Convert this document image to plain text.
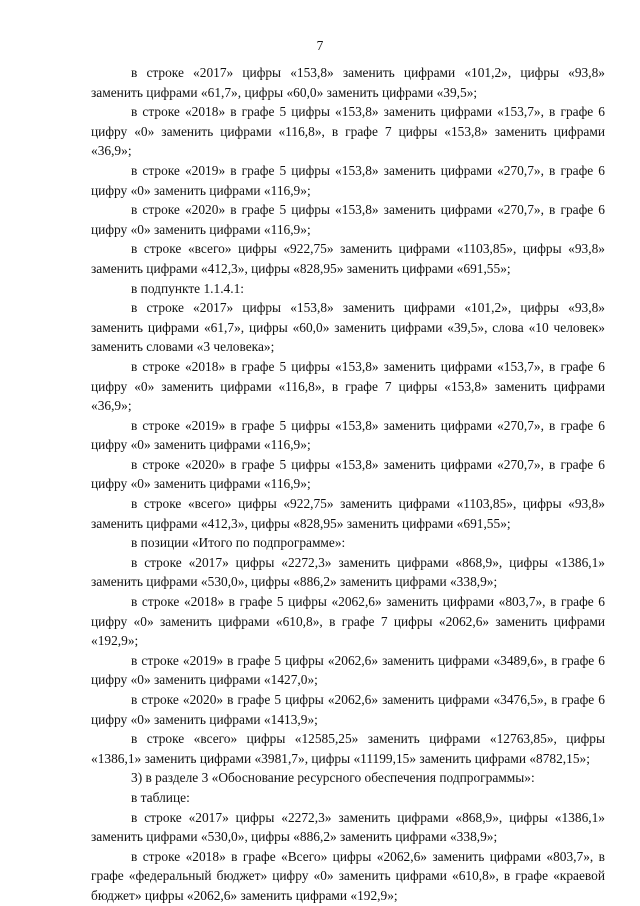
7

в строке «2017» цифры «153,8» заменить цифрами «101,2», цифры «93,8» заменить цифрами «61,7», цифры «60,0» заменить цифрами «39,5»;

в строке «2018» в графе 5 цифры «153,8» заменить цифрами «153,7», в графе 6 цифру «0» заменить цифрами «116,8», в графе 7 цифры «153,8» заменить цифрами «36,9»;

в строке «2019» в графе 5 цифры «153,8» заменить цифрами «270,7», в графе 6 цифру «0» заменить цифрами «116,9»;

в строке «2020» в графе 5 цифры «153,8» заменить цифрами «270,7», в графе 6 цифру «0» заменить цифрами «116,9»;

в строке «всего» цифры «922,75» заменить цифрами «1103,85», цифры «93,8» заменить цифрами «412,3», цифры «828,95» заменить цифрами «691,55»;

в подпункте 1.1.4.1:

в строке «2017» цифры «153,8» заменить цифрами «101,2», цифры «93,8» заменить цифрами «61,7», цифры «60,0» заменить цифрами «39,5», слова «10 человек» заменить словами «3 человека»;

в строке «2018» в графе 5 цифры «153,8» заменить цифрами «153,7», в графе 6 цифру «0» заменить цифрами «116,8», в графе 7 цифры «153,8» заменить цифрами «36,9»;

в строке «2019» в графе 5 цифры «153,8» заменить цифрами «270,7», в графе 6 цифру «0» заменить цифрами «116,9»;

в строке «2020» в графе 5 цифры «153,8» заменить цифрами «270,7», в графе 6 цифру «0» заменить цифрами «116,9»;

в строке «всего» цифры «922,75» заменить цифрами «1103,85», цифры «93,8» заменить цифрами «412,3», цифры «828,95» заменить цифрами «691,55»;

в позиции «Итого по подпрограмме»:

в строке «2017» цифры «2272,3» заменить цифрами «868,9», цифры «1386,1» заменить цифрами «530,0», цифры «886,2» заменить цифрами «338,9»;

в строке «2018» в графе 5 цифры «2062,6» заменить цифрами «803,7», в графе 6 цифру «0» заменить цифрами «610,8», в графе 7 цифры «2062,6» заменить цифрами «192,9»;

в строке «2019» в графе 5 цифры «2062,6» заменить цифрами «3489,6», в графе 6 цифру «0» заменить цифрами «1427,0»;

в строке «2020» в графе 5 цифры «2062,6» заменить цифрами «3476,5», в графе 6 цифру «0» заменить цифрами «1413,9»;

в строке «всего» цифры «12585,25» заменить цифрами «12763,85», цифры «1386,1» заменить цифрами «3981,7», цифры «11199,15» заменить цифрами «8782,15»;

3) в разделе 3 «Обоснование ресурсного обеспечения подпрограммы»:

в таблице:

в строке «2017» цифры «2272,3» заменить цифрами «868,9», цифры «1386,1» заменить цифрами «530,0», цифры «886,2» заменить цифрами «338,9»;

в строке «2018» в графе «Всего» цифры «2062,6» заменить цифрами «803,7», в графе «федеральный бюджет» цифру «0» заменить цифрами «610,8», в графе «краевой бюджет» цифры «2062,6» заменить цифрами «192,9»;
